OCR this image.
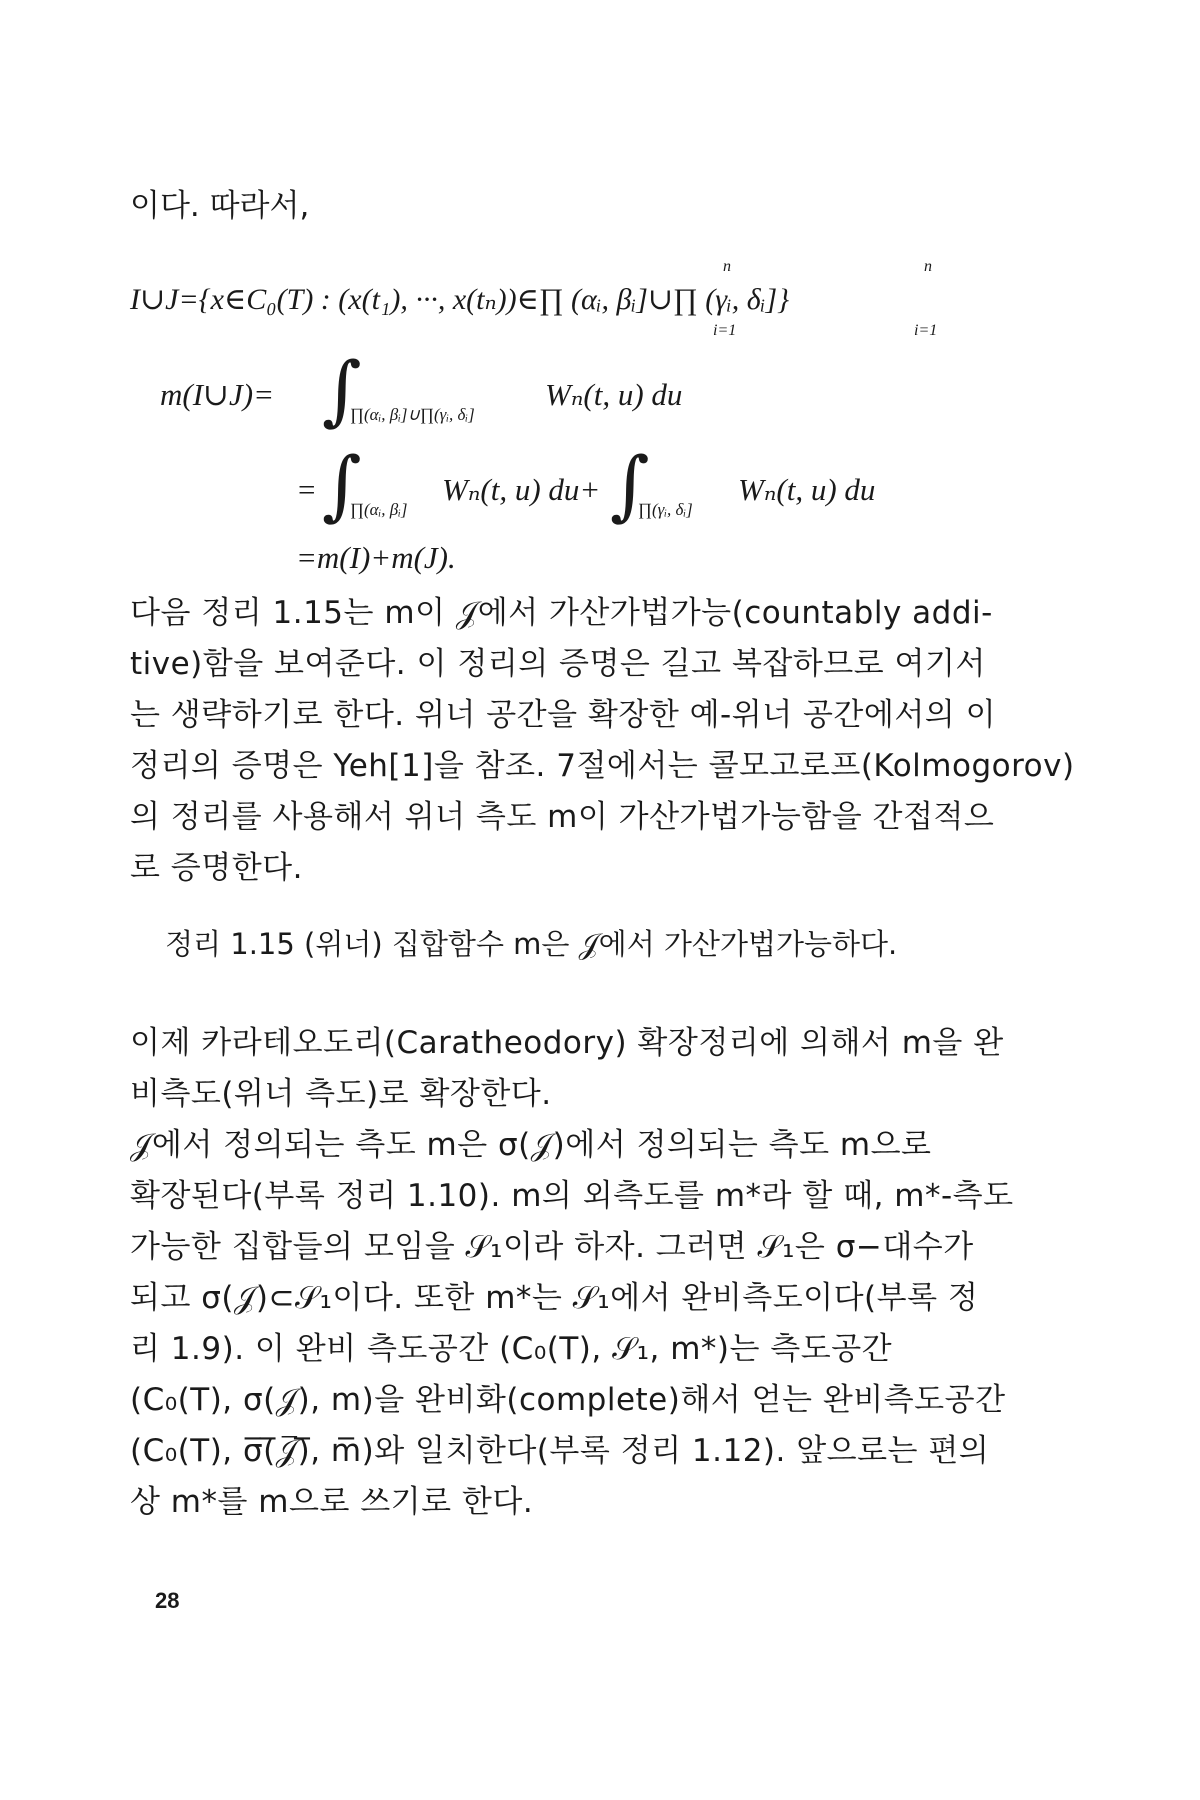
이다. 따라서,
I∪J={x∈C₀(T) : (x(t₁), ···, x(tₙ))∈∏ (αᵢ, βᵢ]∪∏ (γᵢ, δᵢ]}
n
i=1
n
i=1
m(I∪J)= ∫
∏(αᵢ, βᵢ]∪∏(γᵢ, δᵢ]
Wₙ(t, u) du
= ∫
∏(αᵢ, βᵢ]
Wₙ(t, u) du+ ∫
∏(γᵢ, δᵢ]
Wₙ(t, u) du
=m(I)+m(J).
다음 정리 1.15는 m이 𝒥에서 가산가법가능(countably addi-
tive)함을 보여준다. 이 정리의 증명은 길고 복잡하므로 여기서
는 생략하기로 한다. 위너 공간을 확장한 예-위너 공간에서의 이
정리의 증명은 Yeh[1]을 참조. 7절에서는 콜모고로프(Kolmogorov)
의 정리를 사용해서 위너 측도 m이 가산가법가능함을 간접적으
로 증명한다.
정리 1.15 (위너) 집합함수 m은 𝒥에서 가산가법가능하다.
이제 카라테오도리(Caratheodory) 확장정리에 의해서 m을 완
비측도(위너 측도)로 확장한다.
𝒥에서 정의되는 측도 m은 σ(𝒥)에서 정의되는 측도 m으로
확장된다(부록 정리 1.10). m의 외측도를 m*라 할 때, m*-측도
가능한 집합들의 모임을 𝒮₁이라 하자. 그러면 𝒮₁은 σ−대수가
되고 σ(𝒥)⊂𝒮₁이다. 또한 m*는 𝒮₁에서 완비측도이다(부록 정
리 1.9). 이 완비 측도공간 (C₀(T), 𝒮₁, m*)는 측도공간
(C₀(T), σ(𝒥), m)을 완비화(complete)해서 얻는 완비측도공간
(C₀(T), σ̅(̅𝒥̅)̅, m̅)와 일치한다(부록 정리 1.12). 앞으로는 편의
상 m*를 m으로 쓰기로 한다.
28
